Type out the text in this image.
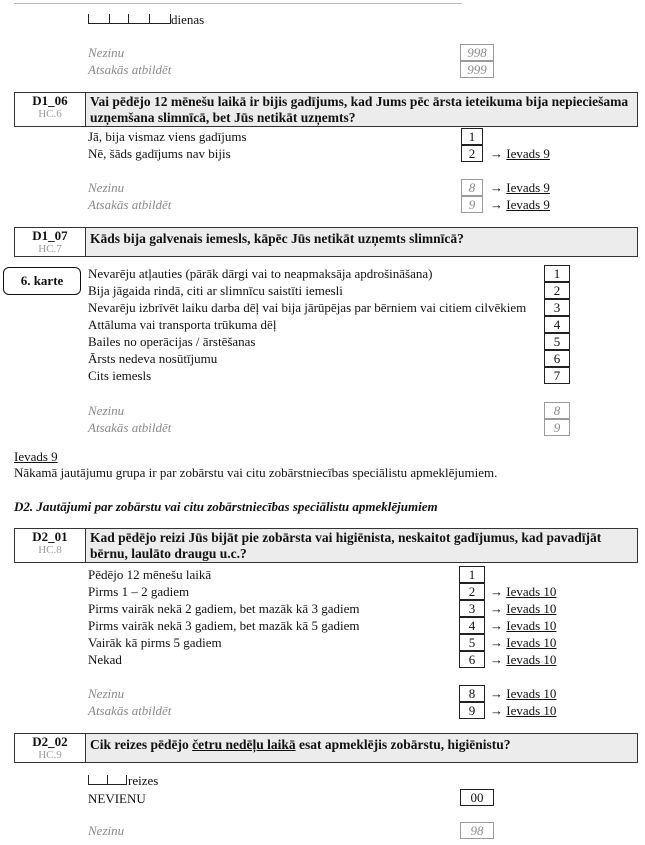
dienas
Nezinu	998
Atsakās atbildēt	999
D1_06
HC.6
Vai pēdējo 12 mēnešu laikā ir bijis gadījums, kad Jums pēc ārsta ieteikuma bija nepieciešama uzņemšana slimnīcā, bet Jūs netikāt uzņemts?
Jā, bija vismaz viens gadījums	1
Nē, šāds gadījums nav bijis	2	→ Ievads 9
Nezinu	8	→ Ievads 9
Atsakās atbildēt	9	→ Ievads 9
D1_07
HC.7
Kāds bija galvenais iemesls, kāpēc Jūs netikāt uzņemts slimnīcā?
6. karte	Nevarēju atļauties (pārāk dārgi vai to neapmaksāja apdrošināšana)	1
Bija jāgaida rindā, citi ar slimnīcu saistīti iemesli	2
Nevarēju izbrīvēt laiku darba dēļ vai bija jārūpējas par bērniem vai citiem cilvēkiem	3
Attāluma vai transporta trūkuma dēļ	4
Bailes no operācijas / ārstēšanas	5
Ārsts nedeva nosūtījumu	6
Cits iemesls	7
Nezinu	8
Atsakās atbildēt	9
Ievads 9
Nākamā jautājumu grupa ir par zobārstu vai citu zobārstniecības speciālistu apmeklējumiem.
D2. Jautājumi par zobārstu vai citu zobārstniecības speciālistu apmeklējumiem
D2_01
HC.8
Kad pēdējo reizi Jūs bijāt pie zobārsta vai higiēnista, neskaitot gadījumus, kad pavadījāt bērnu, laulāto draugu u.c.?
Pēdējo 12 mēnešu laikā	1
Pirms 1 – 2 gadiem	2	→ Ievads 10
Pirms vairāk nekā 2 gadiem, bet mazāk kā 3 gadiem	3	→ Ievads 10
Pirms vairāk nekā 3 gadiem, bet mazāk kā 5 gadiem	4	→ Ievads 10
Vairāk kā pirms 5 gadiem	5	→ Ievads 10
Nekad	6	→ Ievads 10
Nezinu	8	→ Ievads 10
Atsakās atbildēt	9	→ Ievads 10
D2_02
HC.9
Cik reizes pēdējo četru nedēļu laikā esat apmeklējis zobārstu, higiēnistu?
reizes
NEVIENU	00
Nezinu	98
